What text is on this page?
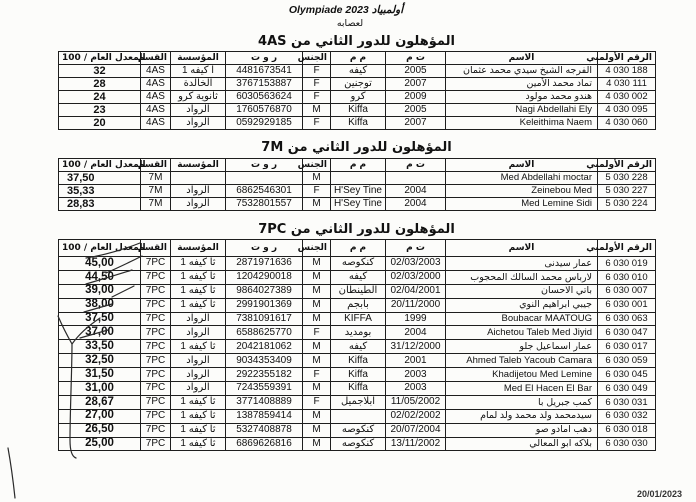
Olympiade 2023 أولمبياد
لعصابه
المؤهلون للدور الثاني من 4AS
الرقم الأولمبي	الاسم	ت م	م م	الجنس	ر و ت	المؤسسة	القسم	المعدل العام / 100
4 030 188	الفرجه الشيخ سيدي محمد عثمان	2005	كيفه	F	4481673541	ا كيفه 1	4AS	32
4 030 111	تماد محمد الأمين	2007	توجنين	F	3767153887	الخالدة	4AS	28
4 030 002	هندو محمد مولود	2009	كرو	F	6030563624	ثانوية كرو	4AS	24
4 030 095	Nagi Abdellahi Ely	2005	Kiffa	M	1760576870	الرواد	4AS	23
4 030 060	Keleithima Naem	2007	Kiffa	F	0592929185	الرواد	4AS	20
المؤهلون للدور الثاني من 7M
الرقم الأولمبي	الاسم	ت م	م م	الجنس	ر و ت	المؤسسة	القسم	المعدل العام / 100
5 030 228	Med Abdellahi moctar			M			7M	37,50
5 030 227	Zeinebou Med	2004	H'Sey Tine	F	6862546301	الرواد	7M	35,33
5 030 224	Med Lemine Sidi	2004	H'Sey Tine	M	7532801557	الرواد	7M	28,83
المؤهلون للدور الثاني من 7PC
الرقم الأولمبي	الاسم	ت م	م م	الجنس	ر و ت	المؤسسة	القسم	المعدل العام / 100
6 030 019	عمار سيدنى	02/03/2003	كنكوصه	M	2871971636	ثا كيفه 1	7PC	45,00
6 030 010	لارباس محمد السالك المحجوب	02/03/2000	كيفه	M	1204290018	ثا كيفه 1	7PC	44,50
6 030 007	باتي الاحسان	02/04/2001	الطينطان	M	9864027389	ثا كيفه 1	7PC	39,00
6 030 001	جيبي ابراهيم النوي	20/11/2000	بابجم	M	2991901369	ثا كيفه 1	7PC	38,00
6 030 063	Boubacar MAATOUG	1999	KIFFA	M	7381091617	الرواد	7PC	37,50
6 030 047	Aichetou Taleb Med Jiyid	2004	بومديد	F	6588625770	الرواد	7PC	37,00
6 030 017	عمار اسماعيل جلو	31/12/2000	كيفه	M	2042181062	ثا كيفه 1	7PC	33,50
6 030 059	Ahmed Taleb Yacoub Camara	2001	Kiffa	M	9034353409	الرواد	7PC	32,50
6 030 045	Khadijetou Med Lemine	2003	Kiffa	F	2922355182	الرواد	7PC	31,50
6 030 049	Med El Hacen El Bar	2003	Kiffa	M	7243559391	الرواد	7PC	31,00
6 030 031	كمب جبريل با	11/05/2002	ابلاجميل	F	3771408889	ثا كيفه 1	7PC	28,67
6 030 032	سيدمحمد ولد محمد ولد لمام	02/02/2002		M	1387859414	ثا كيفه 1	7PC	27,00
6 030 018	دهب امادو صو	20/07/2004	كنكوصه	M	5327408878	ثا كيفه 1	7PC	26,50
6 030 030	بلاكه ابو المعالي	13/11/2002	كنكوصه	M	6869626816	ثا كيفه 1	7PC	25,00
20/01/2023
